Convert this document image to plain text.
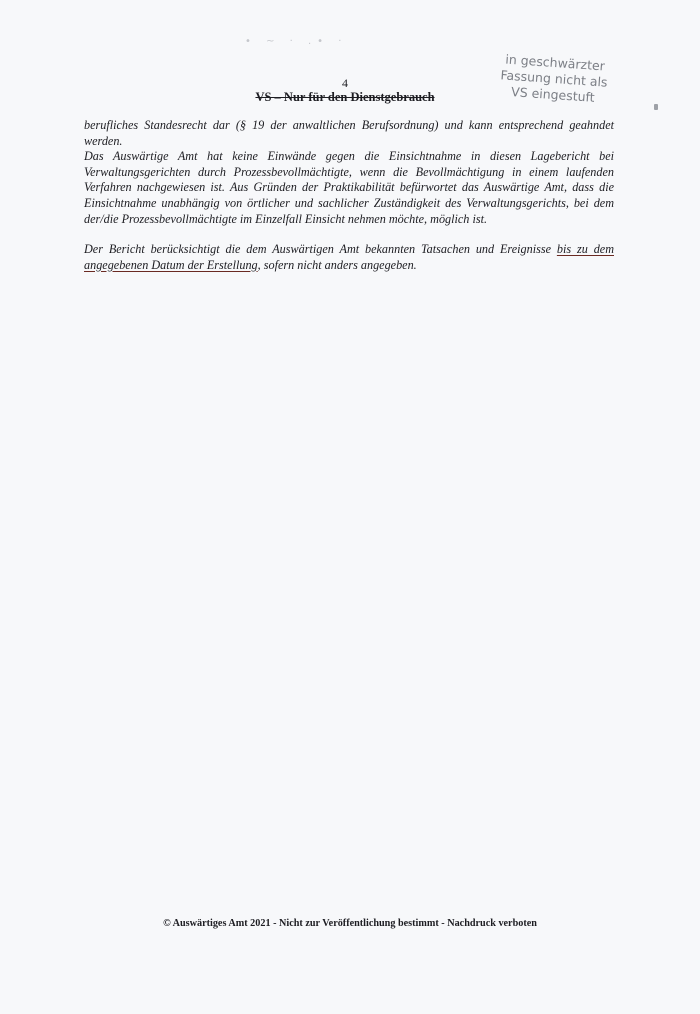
• ~ · .• ·
4
VS – Nur für den Dienstgebrauch
in geschwärzter
Fassung nicht als
VS eingestuft

berufliches Standesrecht dar (§ 19 der anwaltlichen Berufsordnung) und kann entsprechend geahndet werden.

Das Auswärtige Amt hat keine Einwände gegen die Einsichtnahme in diesen Lagebericht bei Verwaltungsgerichten durch Prozessbevollmächtigte, wenn die Bevollmächtigung in einem laufenden Verfahren nachgewiesen ist. Aus Gründen der Praktikabilität befürwortet das Auswärtige Amt, dass die Einsichtnahme unabhängig von örtlicher und sachlicher Zuständigkeit des Verwaltungsgerichts, bei dem der/die Prozessbevollmächtigte im Einzelfall Einsicht nehmen möchte, möglich ist.

Der Bericht berücksichtigt die dem Auswärtigen Amt bekannten Tatsachen und Ereignisse bis zu dem angegebenen Datum der Erstellung, sofern nicht anders angegeben.

© Auswärtiges Amt 2021 - Nicht zur Veröffentlichung bestimmt - Nachdruck verboten
